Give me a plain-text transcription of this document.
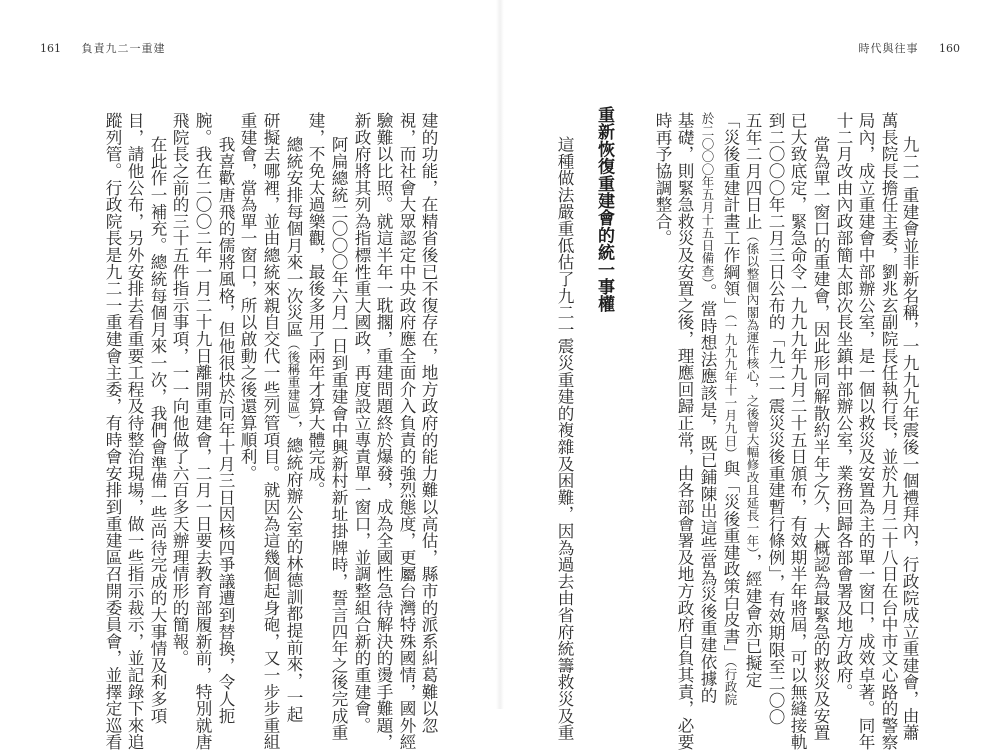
161 負責九二一重建	時代與往事 160
九二一重建會並非新名稱，一九九九年震後一個禮拜內，行政院成立重建會，由蕭
萬長院長擔任主委，劉兆玄副院長任執行長，並於九月二十八日在台中市文心路的警察
局內，成立重建會中部辦公室，是一個以救災及安置為主的單一窗口，成效卓著。同年
十二月改由內政部簡太郎次長坐鎮中部辦公室，業務回歸各部會署及地方政府。
當為單一窗口的重建會，因此形同解散約半年之久，大概認為最緊急的救災及安置
已大致底定，緊急命令一九九九年九月二十五日頒布，有效期半年將屆，可以無縫接軌
到二〇〇〇年二月三日公布的「九二一震災災後重建暫行條例」，有效期限至二〇〇
五年二月四日止（係以整個內閣為運作核心，之後曾大幅修改且延長一年），經建會亦已擬定
「災後重建計畫工作綱領」（一九九九年十一月九日）與「災後重建政策白皮書」（行政院
於二〇〇〇年五月十五日備查）。當時想法應該是，既已鋪陳出這些當為災後重建依據的
基礎，則緊急救災及安置之後，理應回歸正常，由各部會署及地方政府自負其責，必要
時再予協調整合。
重新恢復重建會的統一事權
這種做法嚴重低估了九二一震災重建的複雜及困難，因為過去由省府統籌救災及重
建的功能，在精省後已不復存在，地方政府的能力難以高估，縣市的派系糾葛難以忽
視，而社會大眾認定中央政府應全面介入負責的強烈態度，更屬台灣特殊國情，國外經
驗難以比照。就這半年一耽擱，重建問題終於爆發，成為全國性急待解決的燙手難題，
新政府將其列為指標性重大國政，再度設立專責單一窗口，並調整組合新的重建會。
阿扁總統二〇〇〇年六月一日到重建會中興新村新址掛牌時，誓言四年之後完成重
建，不免太過樂觀，最後多用了兩年才算大體完成。
總統安排每個月來一次災區（後稱重建區），總統府辦公室的林德訓都提前來，一起
研擬去哪裡，並由總統來親自交代一些列管項目。就因為這幾個起身砲，又一步步重組
重建會，當為單一窗口，所以啟動之後還算順利。
我喜歡唐飛的儒將風格，但他很快於同年十月三日因核四爭議遭到替換，令人扼
腕。我在二〇〇二年一月二十九日離開重建會，二月一日要去教育部履新前，特別就唐
飛院長之前的三十五件指示事項，一一向他做了六百多天辦理情形的簡報。
在此作一補充。總統每個月來一次，我們會準備一些尚待完成的大事情及利多項
目，請他公布，另外安排去看重要工程及待整治現場，做一些指示裁示，並記錄下來追
蹤列管。行政院長是九二一重建會主委，有時會安排到重建區召開委員會，並擇定巡看
